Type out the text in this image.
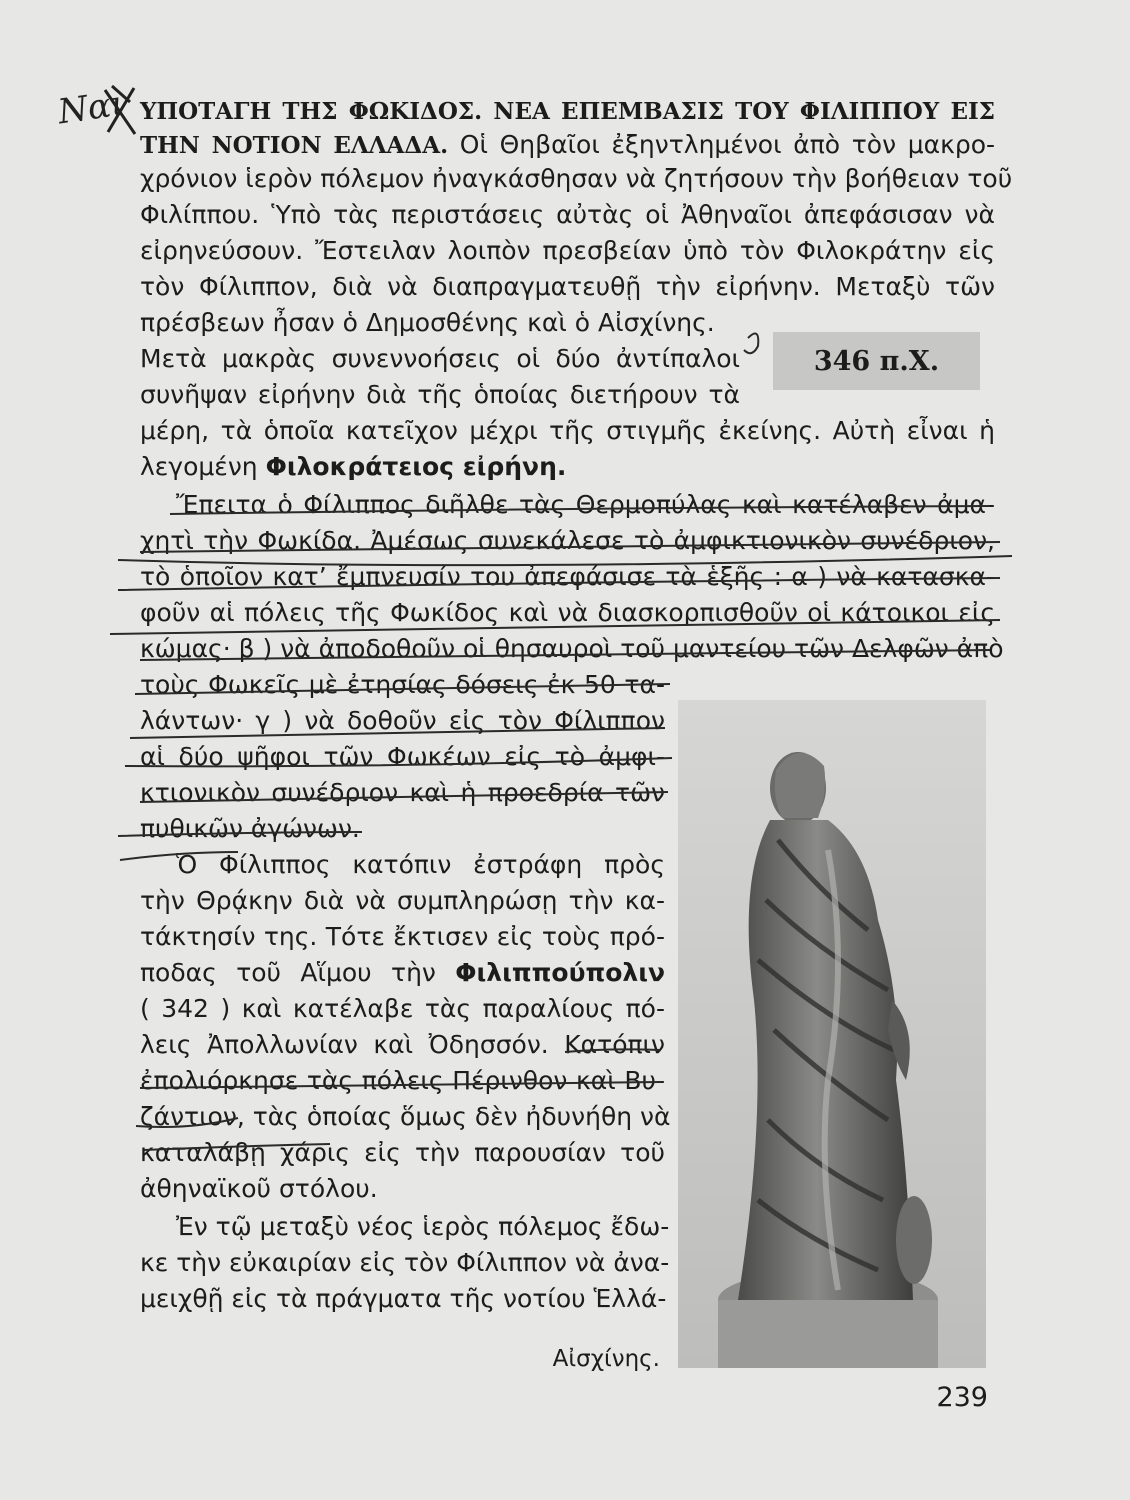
Ναι ΥΠΟΤΑΓΗ ΤΗΣ ΦΩΚΙΔΟΣ. ΝΕΑ ΕΠΕΜΒΑΣΙΣ ΤΟΥ ΦΙΛΙΠΠΟΥ ΕΙΣ
ΤΗΝ ΝΟΤΙΟΝ ΕΛΛΑΔΑ. Οἱ Θηβαῖοι ἐξηντλημένοι ἀπὸ τὸν μακρο-
χρόνιον ἱερὸν πόλεμον ἠναγκάσθησαν νὰ ζητήσουν τὴν βοήθειαν τοῦ
Φιλίππου. Ὑπὸ τὰς περιστάσεις αὐτὰς οἱ Ἀθηναῖοι ἀπεφάσισαν νὰ
εἰρηνεύσουν. Ἔστειλαν λοιπὸν πρεσβείαν ὑπὸ τὸν Φιλοκράτην εἰς
τὸν Φίλιππον, διὰ νὰ διαπραγματευθῇ τὴν εἰρήνην. Μεταξὺ τῶν
πρέσβεων ἦσαν ὁ Δημοσθένης καὶ ὁ Αἰσχίνης.
346 π.Χ.
Μετὰ μακρὰς συνεννοήσεις οἱ δύο ἀντίπαλοι
συνῆψαν εἰρήνην διὰ τῆς ὁποίας διετήρουν τὰ
μέρη, τὰ ὁποῖα κατεῖχον μέχρι τῆς στιγμῆς ἐκείνης. Αὐτὴ εἶναι ἡ
λεγομένη Φιλοκράτειος εἰρήνη.
Ἔπειτα ὁ Φίλιππος διῆλθε τὰς Θερμοπύλας καὶ κατέλαβεν ἀμα-
χητὶ τὴν Φωκίδα. Ἀμέσως συνεκάλεσε τὸ ἀμφικτιονικὸν συνέδριον,
τὸ ὁποῖον κατ’ ἔμπνευσίν του ἀπεφάσισε τὰ ἑξῆς : α ) νὰ κατασκα-
φοῦν αἱ πόλεις τῆς Φωκίδος καὶ νὰ διασκορπισθοῦν οἱ κάτοικοι εἰς
κώμας· β ) νὰ ἀποδοθοῦν οἱ θησαυροὶ τοῦ μαντείου τῶν Δελφῶν ἀπὸ
τοὺς Φωκεῖς μὲ ἐτησίας δόσεις ἐκ 50 τα-
λάντων· γ ) νὰ δοθοῦν εἰς τὸν Φίλιππον
αἱ δύο ψῆφοι τῶν Φωκέων εἰς τὸ ἀμφι-
κτιονικὸν συνέδριον καὶ ἡ προεδρία τῶν
πυθικῶν ἀγώνων.
Ὁ Φίλιππος κατόπιν ἐστράφη πρὸς
τὴν Θρᾴκην διὰ νὰ συμπληρώσῃ τὴν κα-
τάκτησίν της. Τότε ἔκτισεν εἰς τοὺς πρό-
ποδας τοῦ Αἵμου τὴν Φιλιππούπολιν
( 342 ) καὶ κατέλαβε τὰς παραλίους πό-
λεις Ἀπολλωνίαν καὶ Ὀδησσόν. Κατόπιν
ἐπολιόρκησε τὰς πόλεις Πέρινθον καὶ Βυ-
ζάντιον, τὰς ὁποίας ὅμως δὲν ἠδυνήθη νὰ
καταλάβῃ χάρις εἰς τὴν παρουσίαν τοῦ
ἀθηναϊκοῦ στόλου.
Ἐν τῷ μεταξὺ νέος ἱερὸς πόλεμος ἔδω-
κε τὴν εὐκαιρίαν εἰς τὸν Φίλιππον νὰ ἀνα-
μειχθῇ εἰς τὰ πράγματα τῆς νοτίου Ἑλλά-
Αἰσχίνης.
239
